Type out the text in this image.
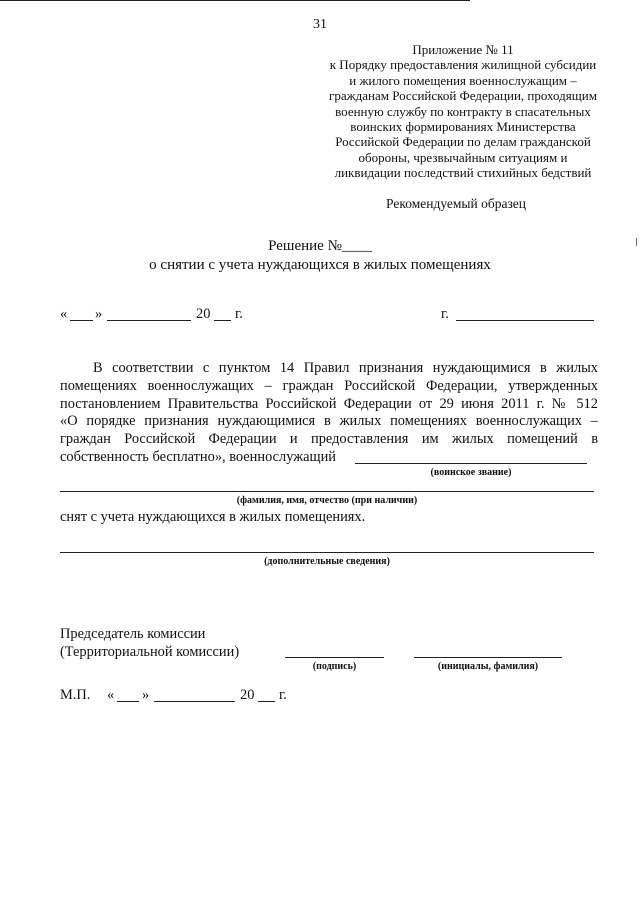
31
Приложение № 11
к Порядку предоставления жилищной субсидии
и жилого помещения военнослужащим –
гражданам Российской Федерации, проходящим
военную службу по контракту в спасательных
воинских формированиях Министерства
Российской Федерации по делам гражданской
обороны, чрезвычайным ситуациям и
ликвидации последствий стихийных бедствий
Рекомендуемый образец
Решение №____
о снятии с учета нуждающихся в жилых помещениях
« »	20 г.	г.
В соответствии с пунктом 14 Правил признания нуждающимися в жилых
помещениях военнослужащих – граждан Российской Федерации, утвержденных
постановлением Правительства Российской Федерации от 29 июня 2011 г. № 512
«О порядке признания нуждающимися в жилых помещениях военнослужащих –
граждан Российской Федерации и предоставления им жилых помещений в
собственность бесплатно», военнослужащий
(воинское звание)
(фамилия, имя, отчество (при наличии)
снят с учета нуждающихся в жилых помещениях.
(дополнительные сведения)
Председатель комиссии
(Территориальной комиссии)
(подпись)	(инициалы, фамилия)
М.П. « »	20 г.
